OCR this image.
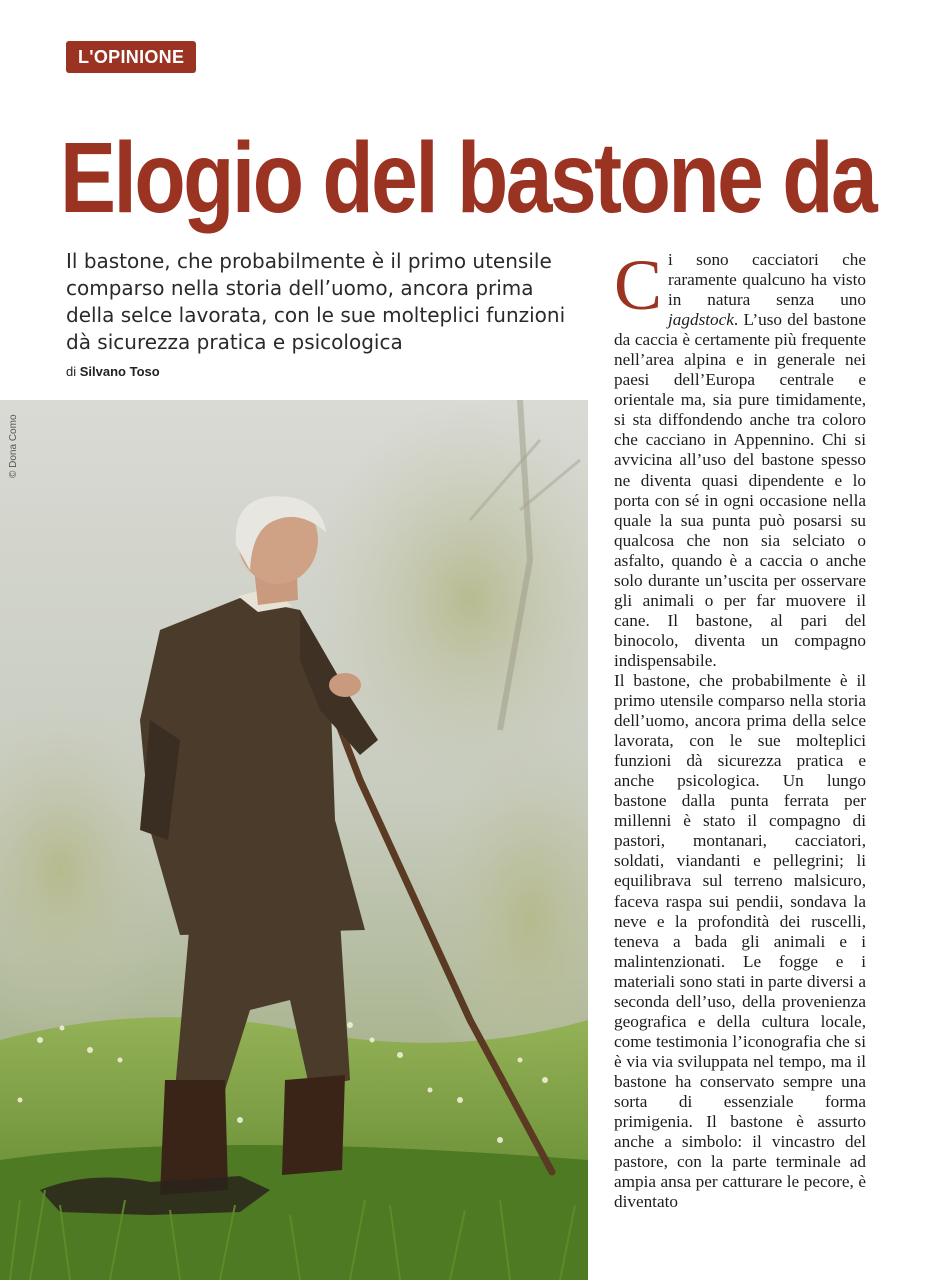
L'OPINIONE
Elogio del bastone da

Il bastone, che probabilmente è il primo utensile comparso nella storia dell’uomo, ancora prima della selce lavorata, con le sue molteplici funzioni dà sicurezza pratica e psicologica

di Silvano Toso
© Dona Como

Ci sono cacciatori che raramente qualcuno ha visto in natura senza uno jagdstock. L’uso del bastone da caccia è certamente più frequente nell’area alpina e in generale nei paesi dell’Europa centrale e orientale ma, sia pure timidamente, si sta diffondendo anche tra coloro che cacciano in Appennino. Chi si avvicina all’uso del bastone spesso ne diventa quasi dipendente e lo porta con sé in ogni occasione nella quale la sua punta può posarsi su qualcosa che non sia selciato o asfalto, quando è a caccia o anche solo durante un’uscita per osservare gli animali o per far muovere il cane. Il bastone, al pari del binocolo, diventa un compagno indispensabile.

Il bastone, che probabilmente è il primo utensile comparso nella storia dell’uomo, ancora prima della selce lavorata, con le sue molteplici funzioni dà sicurezza pratica e anche psicologica. Un lungo bastone dalla punta ferrata per millenni è stato il compagno di pastori, montanari, cacciatori, soldati, viandanti e pellegrini; li equilibrava sul terreno malsicuro, faceva raspa sui pendii, sondava la neve e la profondità dei ruscelli, teneva a bada gli animali e i malintenzionati. Le fogge e i materiali sono stati in parte diversi a seconda dell’uso, della provenienza geografica e della cultura locale, come testimonia l’iconografia che si è via via sviluppata nel tempo, ma il bastone ha conservato sempre una sorta di essenziale forma primigenia. Il bastone è assurto anche a simbolo: il vincastro del pastore, con la parte terminale ad ampia ansa per catturare le pecore, è diventato
